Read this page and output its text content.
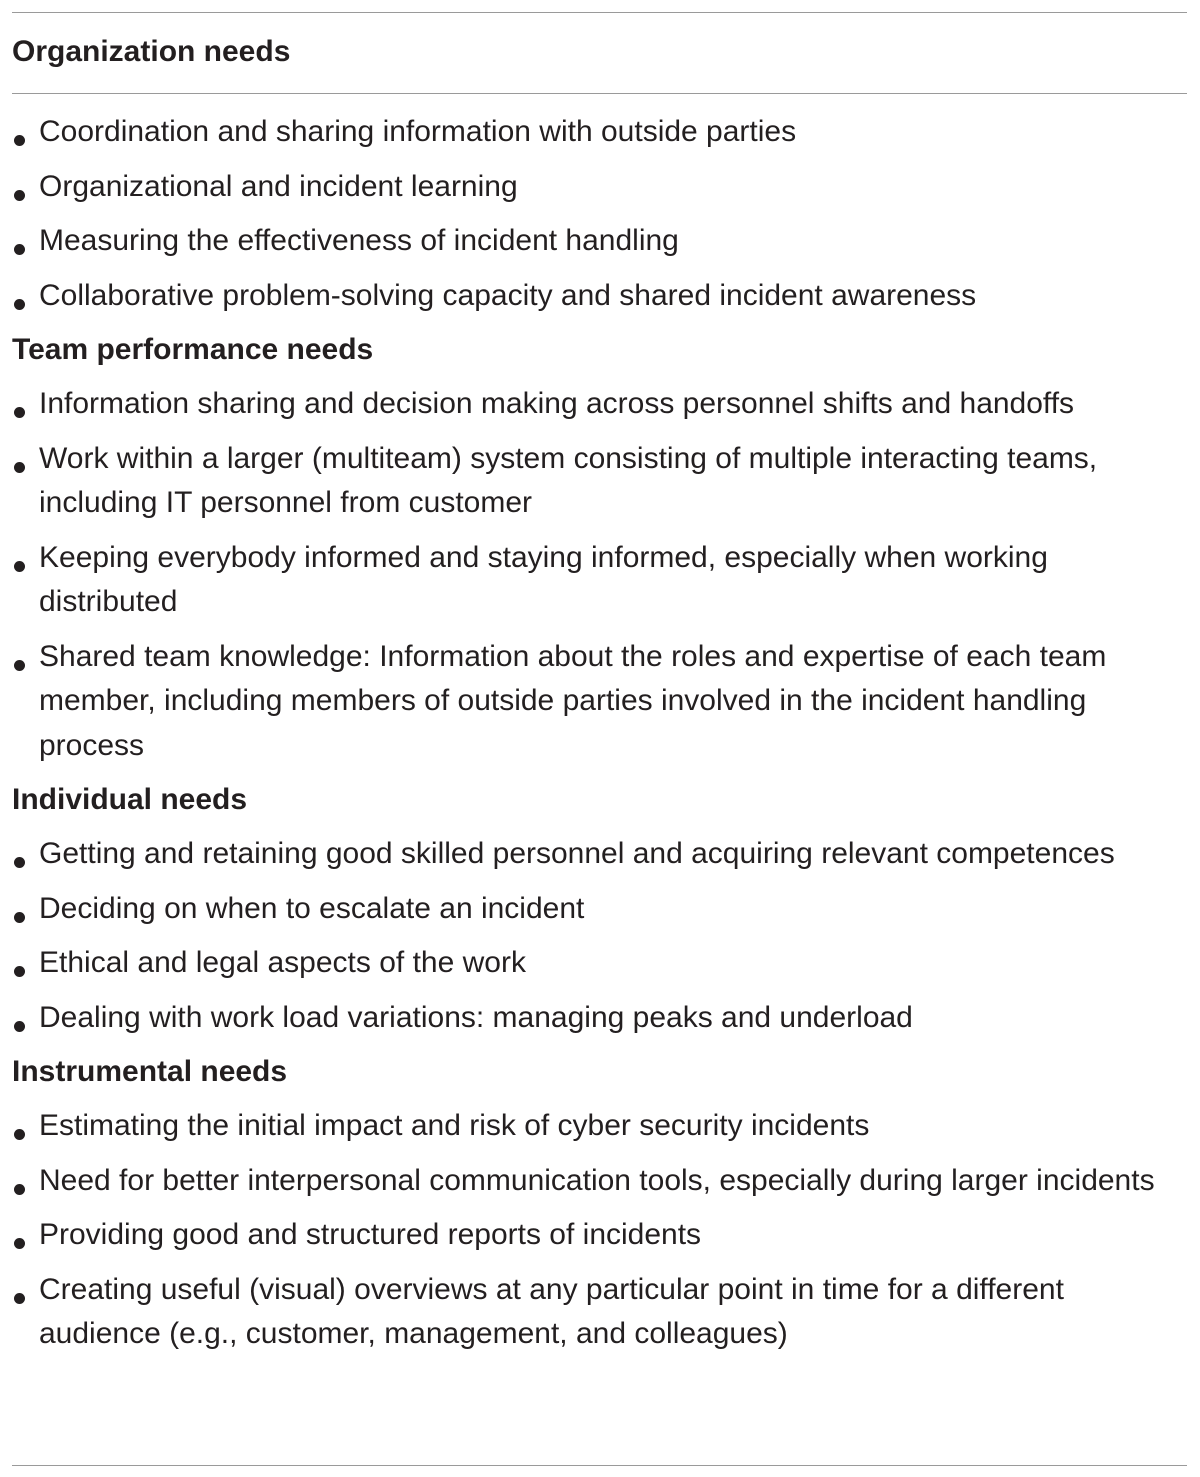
Organization needs
Coordination and sharing information with outside parties
Organizational and incident learning
Measuring the effectiveness of incident handling
Collaborative problem-solving capacity and shared incident awareness
Team performance needs
Information sharing and decision making across personnel shifts and handoffs
Work within a larger (multiteam) system consisting of multiple interacting teams, including IT personnel from customer
Keeping everybody informed and staying informed, especially when working distributed
Shared team knowledge: Information about the roles and expertise of each team member, including members of outside parties involved in the incident handling process
Individual needs
Getting and retaining good skilled personnel and acquiring relevant competences
Deciding on when to escalate an incident
Ethical and legal aspects of the work
Dealing with work load variations: managing peaks and underload
Instrumental needs
Estimating the initial impact and risk of cyber security incidents
Need for better interpersonal communication tools, especially during larger incidents
Providing good and structured reports of incidents
Creating useful (visual) overviews at any particular point in time for a different audience (e.g., customer, management, and colleagues)
